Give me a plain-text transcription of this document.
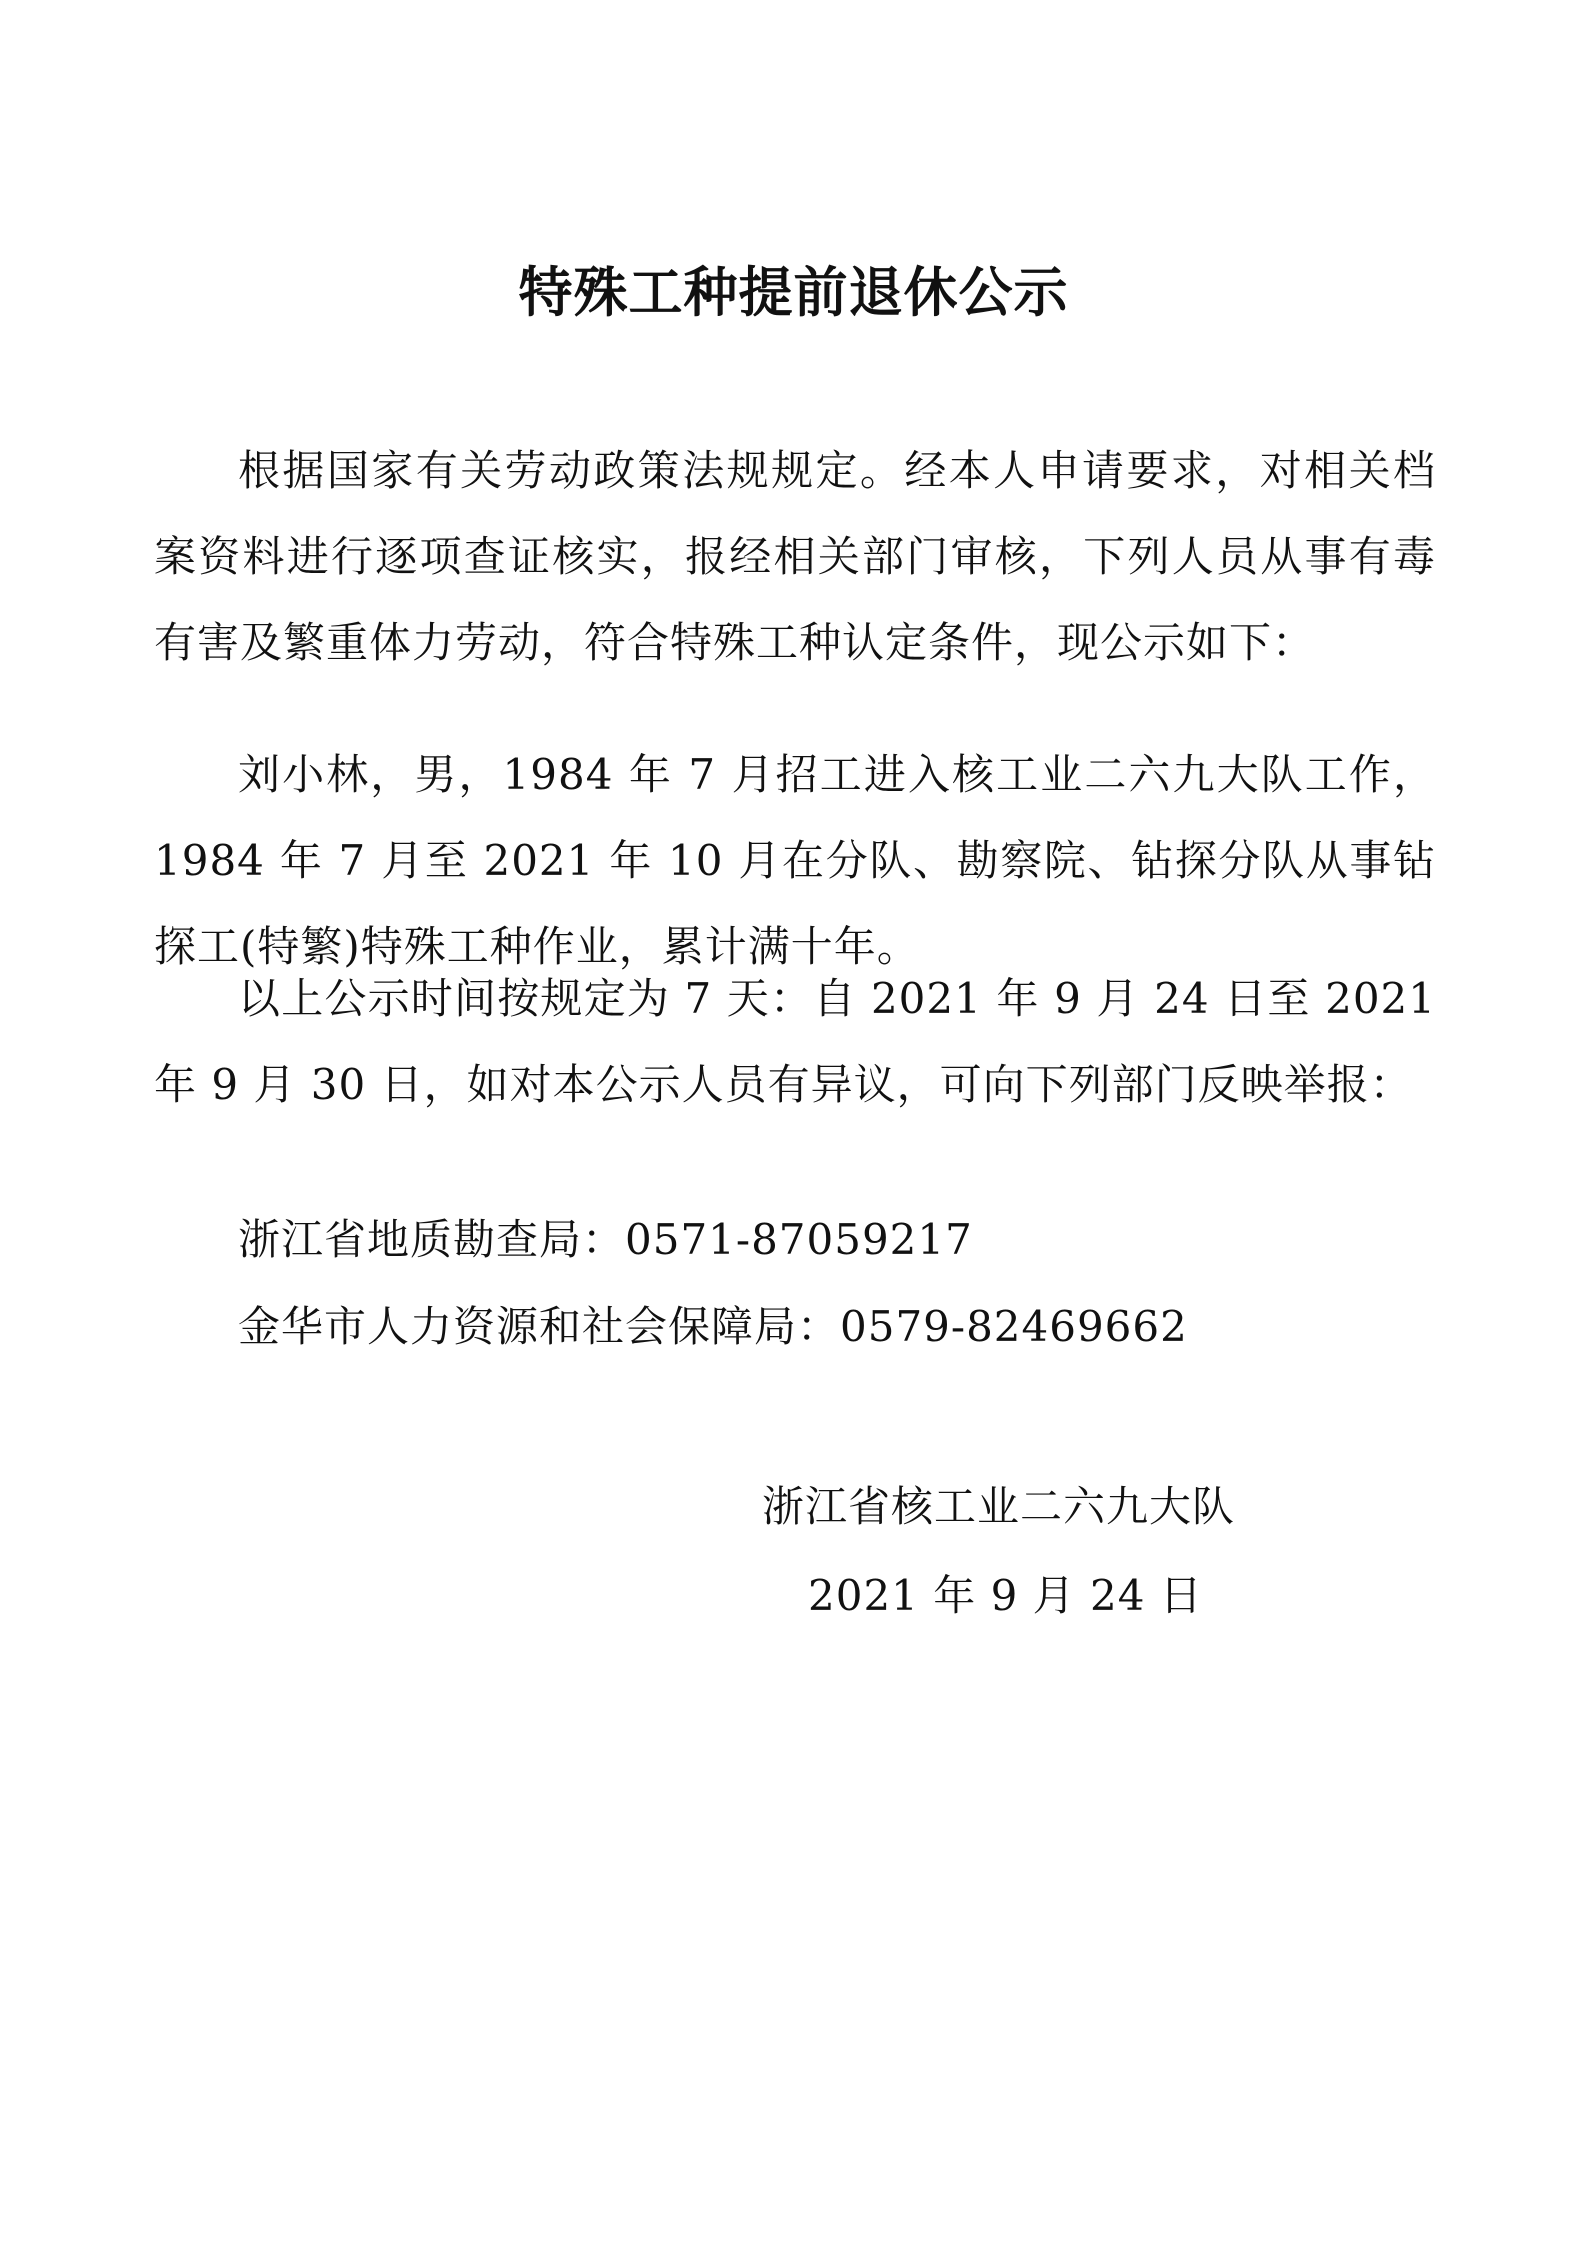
特殊工种提前退休公示

根据国家有关劳动政策法规规定。经本人申请要求，对相关档案资料进行逐项查证核实，报经相关部门审核，下列人员从事有毒有害及繁重体力劳动，符合特殊工种认定条件，现公示如下：

刘小林，男，1984 年 7 月招工进入核工业二六九大队工作，1984 年 7 月至 2021 年 10 月在分队、勘察院、钻探分队从事钻探工(特繁)特殊工种作业，累计满十年。

以上公示时间按规定为 7 天：自 2021 年 9 月 24 日至 2021 年 9 月 30 日，如对本公示人员有异议，可向下列部门反映举报：

浙江省地质勘查局：0571-87059217

金华市人力资源和社会保障局：0579-82469662

浙江省核工业二六九大队

2021 年 9 月 24 日
